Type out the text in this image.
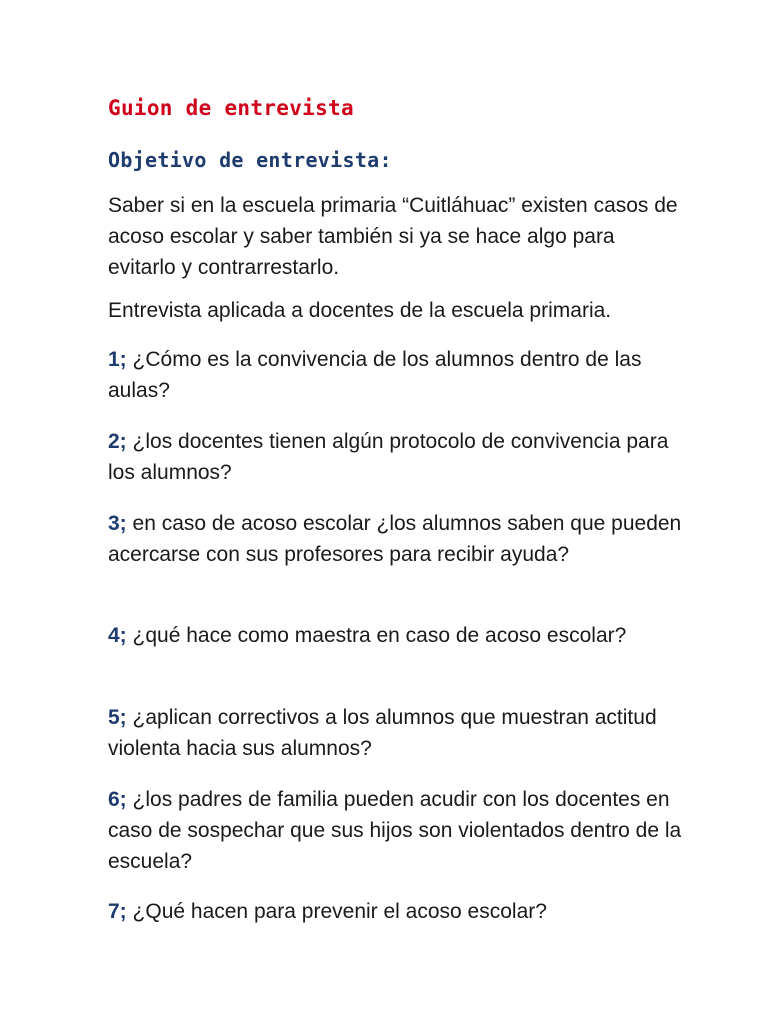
Guion de entrevista
Objetivo de entrevista:
Saber si en la escuela primaria “Cuitláhuac” existen casos de acoso escolar y saber también si ya se hace algo para evitarlo y contrarrestarlo.
Entrevista aplicada a docentes de la escuela primaria.
1; ¿Cómo es la convivencia de los alumnos dentro de las aulas?
2; ¿los docentes tienen algún protocolo de convivencia para los alumnos?
3; en caso de acoso escolar ¿los alumnos saben que pueden acercarse con sus profesores para recibir ayuda?
4; ¿qué hace como maestra en caso de acoso escolar?
5; ¿aplican correctivos a los alumnos que muestran actitud violenta hacia sus alumnos?
6; ¿los padres de familia pueden acudir con los docentes en caso de sospechar que sus hijos son violentados dentro de la escuela?
7; ¿Qué hacen para prevenir el acoso escolar?
